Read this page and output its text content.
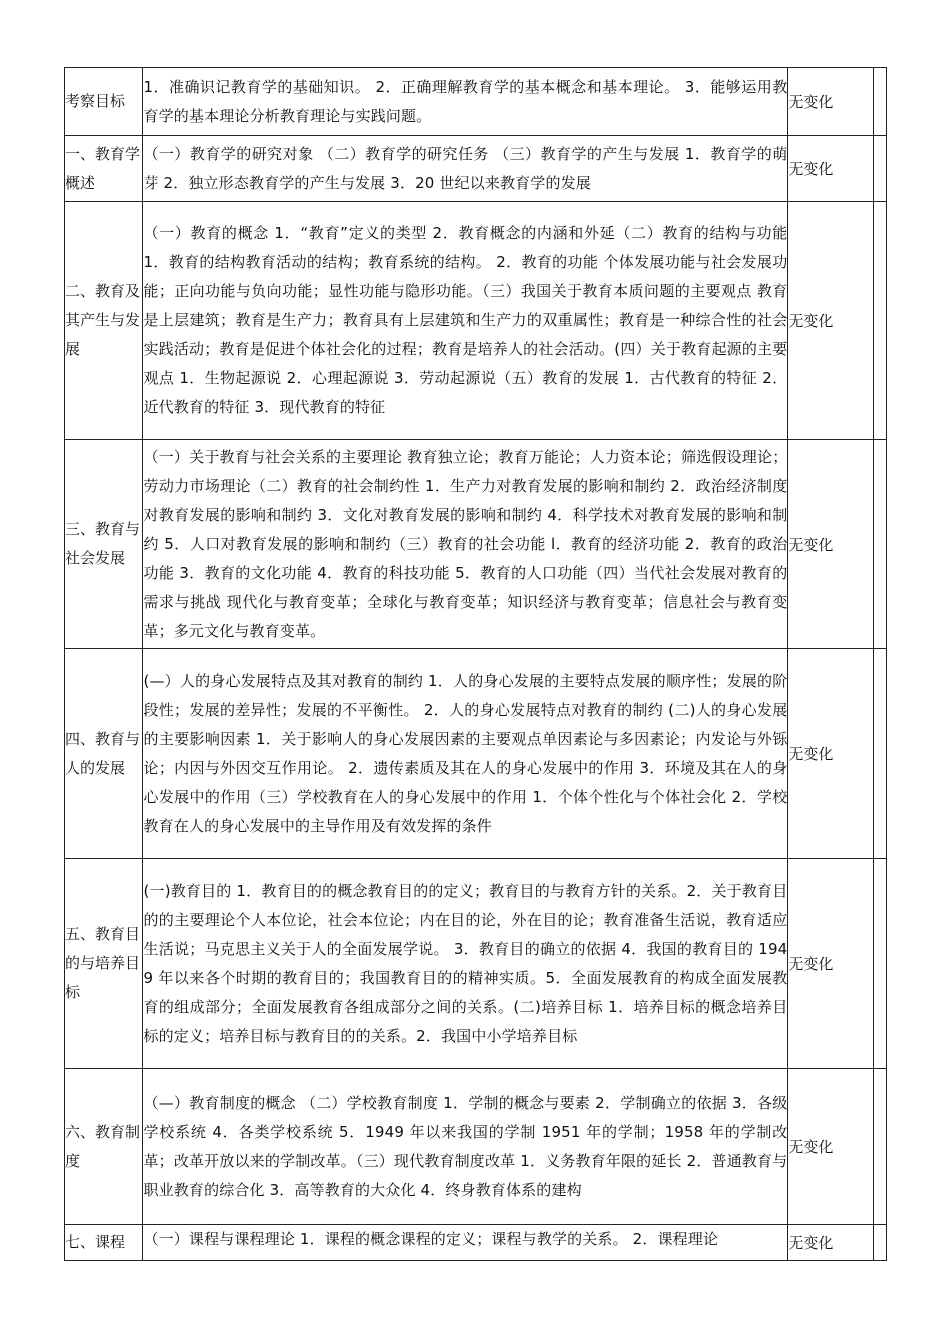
考察目标	1．准确识记教育学的基础知识。 2．正确理解教育学的基本概念和基本理论。 3．能够运用教育学的基本理论分析教育理论与实践问题。	无变化	
一、教育学概述	（一）教育学的研究对象 （二）教育学的研究任务 （三）教育学的产生与发展 1．教育学的萌芽 2．独立形态教育学的产生与发展 3．20 世纪以来教育学的发展	无变化	
二、教育及其产生与发展	（一）教育的概念 1．“教育”定义的类型 2．教育概念的内涵和外延（二）教育的结构与功能 1．教育的结构教育活动的结构；教育系统的结构。 2．教育的功能 个体发展功能与社会发展功能；正向功能与负向功能；显性功能与隐形功能。（三）我国关于教育本质问题的主要观点 教育是上层建筑；教育是生产力；教育具有上层建筑和生产力的双重属性；教育是一种综合性的社会实践活动；教育是促进个体社会化的过程；教育是培养人的社会活动。(四）关于教育起源的主要观点 1．生物起源说 2．心理起源说 3．劳动起源说（五）教育的发展 1．古代教育的特征 2．近代教育的特征 3．现代教育的特征	无变化	
三、教育与社会发展	（一）关于教育与社会关系的主要理论 教育独立论；教育万能论；人力资本论；筛选假设理论；劳动力市场理论（二）教育的社会制约性 1．生产力对教育发展的影响和制约 2．政治经济制度对教育发展的影响和制约 3．文化对教育发展的影响和制约 4．科学技术对教育发展的影响和制约 5．人口对教育发展的影响和制约（三）教育的社会功能 l．教育的经济功能 2．教育的政治功能 3．教育的文化功能 4．教育的科技功能 5．教育的人口功能（四）当代社会发展对教育的需求与挑战 现代化与教育变革；全球化与教育变革；知识经济与教育变革；信息社会与教育变革；多元文化与教育变革。	无变化	
四、教育与人的发展	(—）人的身心发展特点及其对教育的制约 1．人的身心发展的主要特点发展的顺序性；发展的阶段性；发展的差异性；发展的不平衡性。 2．人的身心发展特点对教育的制约 (二)人的身心发展的主要影响因素 1．关于影响人的身心发展因素的主要观点单因素论与多因素论；内发论与外铄论；内因与外因交互作用论。 2．遗传素质及其在人的身心发展中的作用 3．环境及其在人的身心发展中的作用（三）学校教育在人的身心发展中的作用 1．个体个性化与个体社会化 2．学校教育在人的身心发展中的主导作用及有效发挥的条件	无变化	
五、教育目的与培养目标	(一)教育目的 1．教育目的的概念教育目的的定义；教育目的与教育方针的关系。2．关于教育目的的主要理论个人本位论，社会本位论；内在目的论，外在目的论；教育准备生活说，教育适应生活说；马克思主义关于人的全面发展学说。 3．教育目的确立的依据 4．我国的教育目的 1949 年以来各个时期的教育目的；我国教育目的的精神实质。5．全面发展教育的构成全面发展教育的组成部分；全面发展教育各组成部分之间的关系。(二)培养目标 1．培养目标的概念培养目标的定义；培养目标与教育目的的关系。2．我国中小学培养目标	无变化	
六、教育制度	（—）教育制度的概念 （二）学校教育制度 1．学制的概念与要素 2．学制确立的依据 3．各级学校系统 4．各类学校系统 5．1949 年以来我国的学制 1951 年的学制；1958 年的学制改革；改革开放以来的学制改革。（三）现代教育制度改革 1．义务教育年限的延长 2．普通教育与职业教育的综合化 3．高等教育的大众化 4．终身教育体系的建构	无变化	
七、课程	（一）课程与课程理论 1．课程的概念课程的定义；课程与教学的关系。 2．课程理论	无变化	
